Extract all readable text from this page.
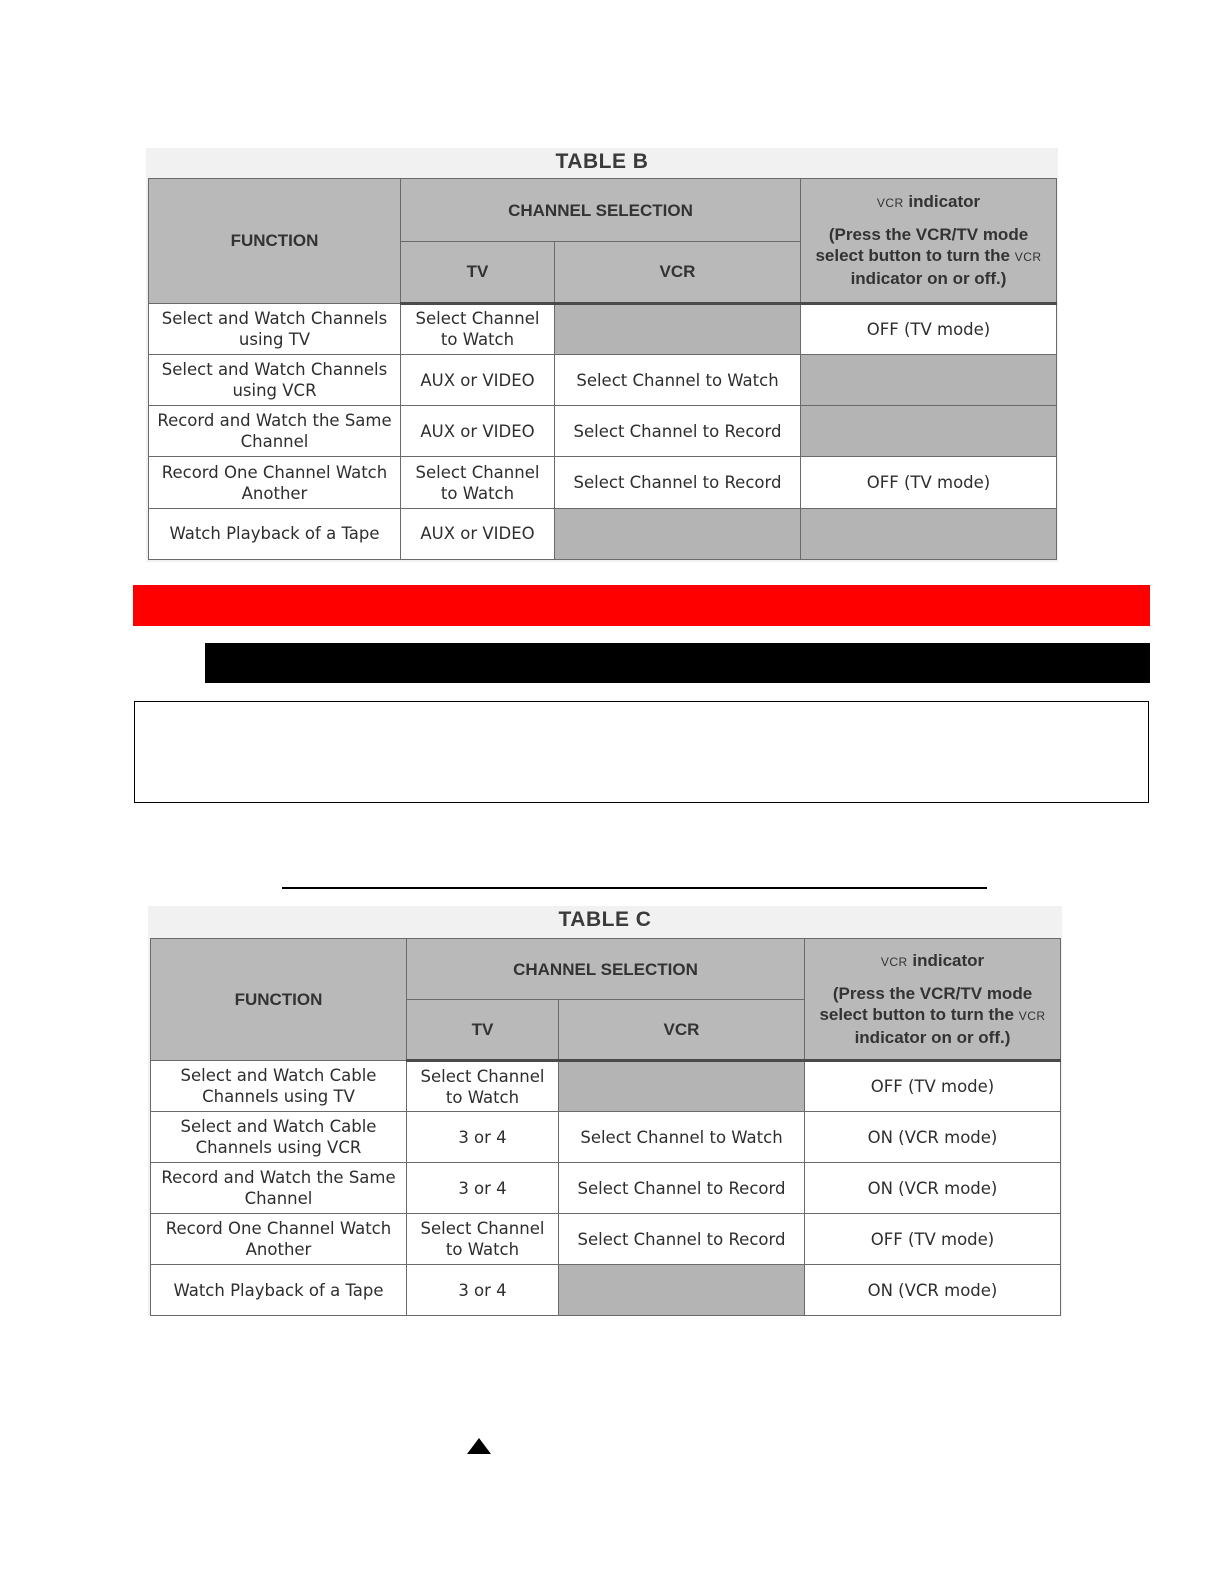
TABLE B
FUNCTION	CHANNEL SELECTION		VCR indicator
(Press the VCR/TV mode select button to turn the VCR indicator on or off.)

	TV	VCR	
Select and Watch Channels using TV	Select Channel to Watch		OFF (TV mode)
Select and Watch Channels using VCR	AUX or VIDEO	Select Channel to Watch	
Record and Watch the Same Channel	AUX or VIDEO	Select Channel to Record	
Record One Channel Watch Another	Select Channel to Watch	Select Channel to Record	OFF (TV mode)
Watch Playback of a Tape	AUX or VIDEO		
TABLE C
FUNCTION	CHANNEL SELECTION		VCR indicator
(Press the VCR/TV mode select button to turn the VCR indicator on or off.)

	TV	VCR	
Select and Watch Cable Channels using TV	Select Channel to Watch		OFF (TV mode)
Select and Watch Cable Channels using VCR	3 or 4	Select Channel to Watch	ON (VCR mode)
Record and Watch the Same Channel	3 or 4	Select Channel to Record	ON (VCR mode)
Record One Channel Watch Another	Select Channel to Watch	Select Channel to Record	OFF (TV mode)
Watch Playback of a Tape	3 or 4		ON (VCR mode)
